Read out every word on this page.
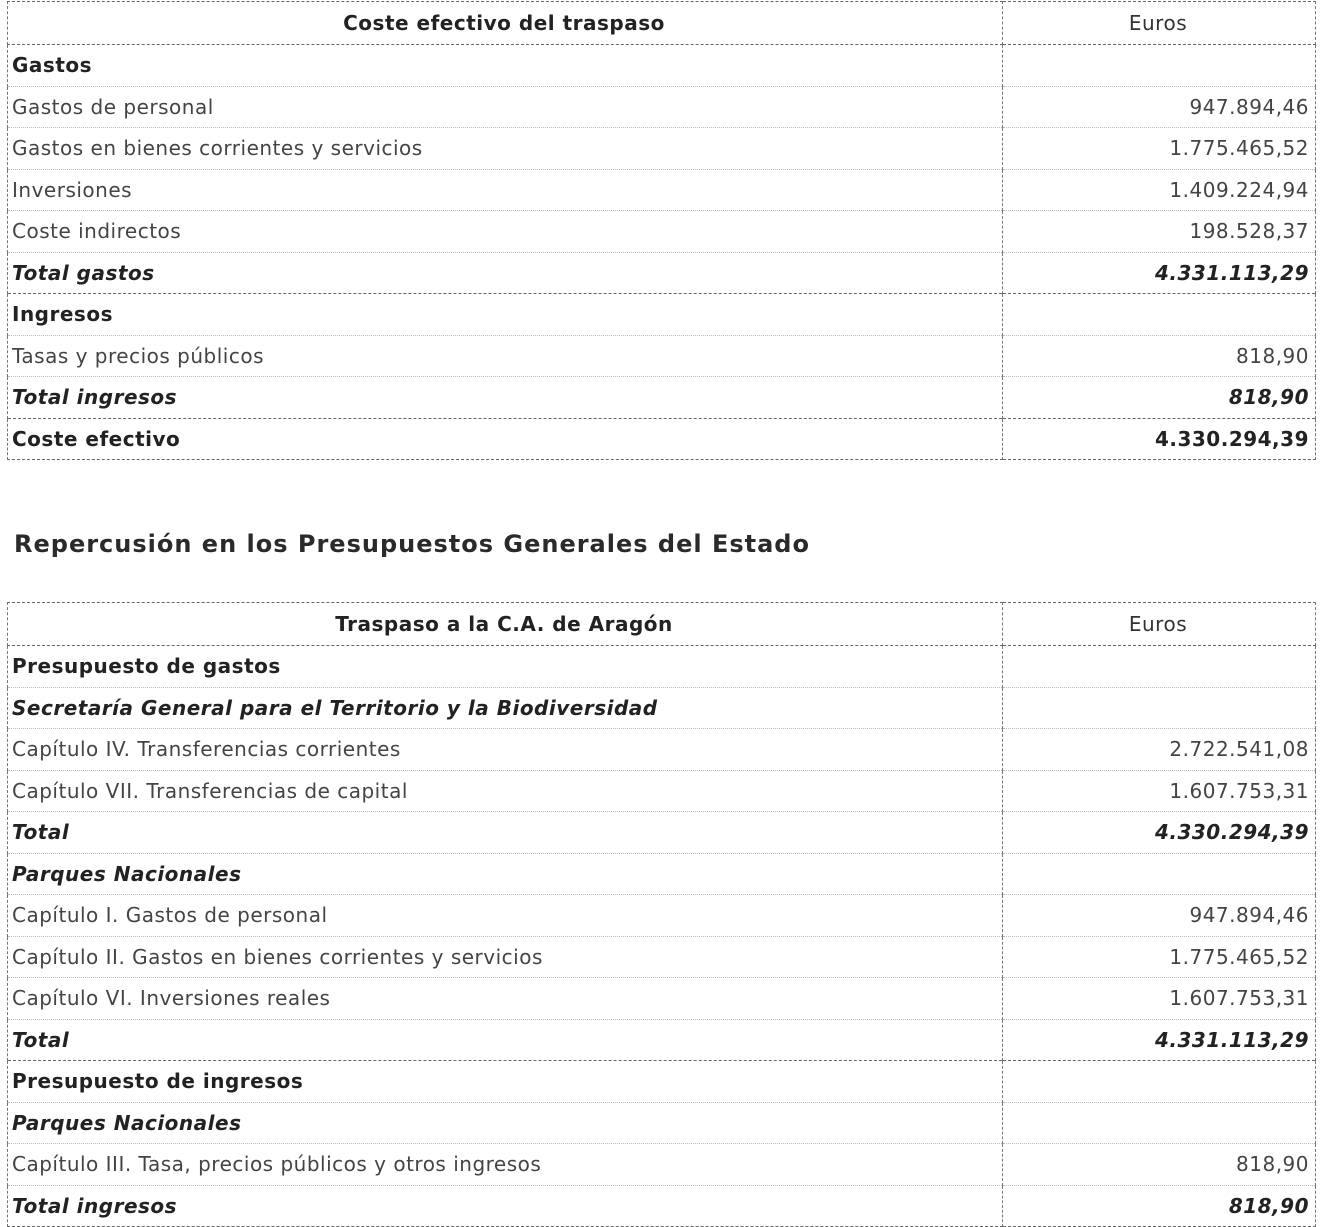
Coste efectivo del traspaso	Euros
Gastos	
Gastos de personal	947.894,46
Gastos en bienes corrientes y servicios	1.775.465,52
Inversiones	1.409.224,94
Coste indirectos	198.528,37
Total gastos	4.331.113,29
Ingresos	
Tasas y precios públicos	818,90
Total ingresos	818,90
Coste efectivo	4.330.294,39
Repercusión en los Presupuestos Generales del Estado
Traspaso a la C.A. de Aragón	Euros
Presupuesto de gastos	
Secretaría General para el Territorio y la Biodiversidad	
Capítulo IV. Transferencias corrientes	2.722.541,08
Capítulo VII. Transferencias de capital	1.607.753,31
Total	4.330.294,39
Parques Nacionales	
Capítulo I. Gastos de personal	947.894,46
Capítulo II. Gastos en bienes corrientes y servicios	1.775.465,52
Capítulo VI. Inversiones reales	1.607.753,31
Total	4.331.113,29
Presupuesto de ingresos	
Parques Nacionales	
Capítulo III. Tasa, precios públicos y otros ingresos	818,90
Total ingresos	818,90
